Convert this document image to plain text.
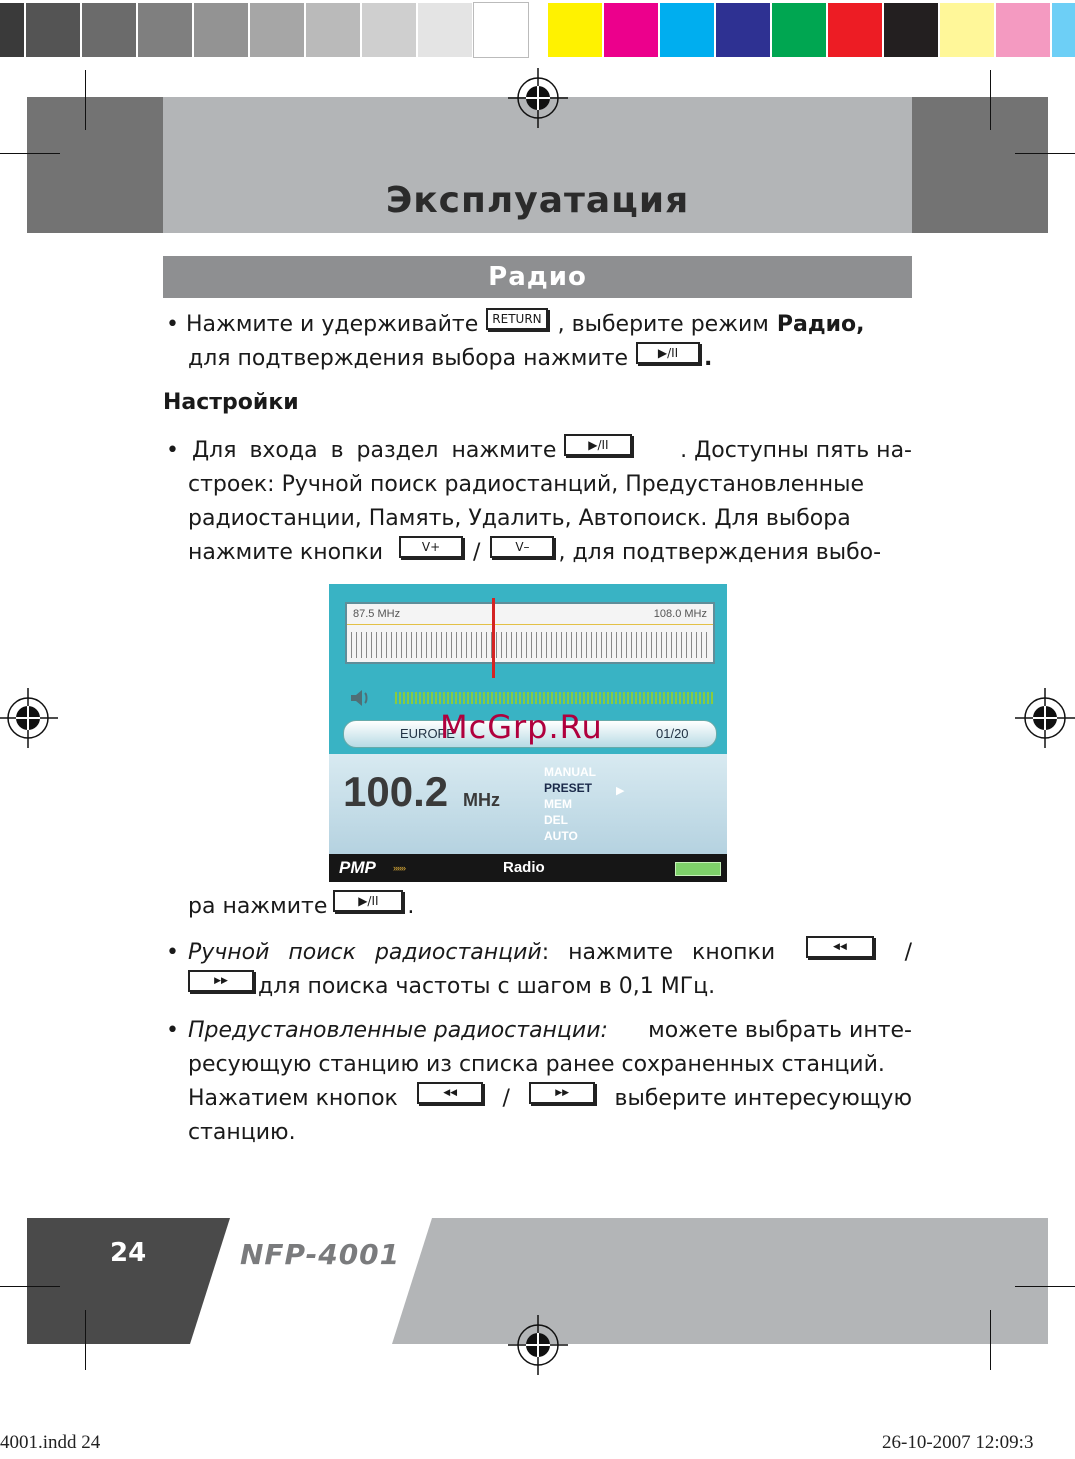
Эксплуатация
Радио
• Нажмите и удерживайте	RETURN , выберите режим Радио,
для подтверждения выбора нажмите	▶/II	.
Настройки
• Для входа в раздел нажмите	▶/II	. Доступны пять на-
строек: Ручной поиск радиостанций, Предустановленные
радиостанции, Память, Удалить, Автопоиск. Для выбора
нажмите кнопки	V+	/	V–	, для подтверждения выбо-
87.5 MHz	108.0 MHz
EUROPE	01/20
100.2 MHz
MANUAL
PRESET
MEM
DEL
AUTO
▶
PMP »»»	Radio
McGrp.Ru
ра нажмите	▶/II	.
• Ручной поиск радиостанций: нажмите кнопки	◀◀	/
▶▶	для поиска частоты с шагом в 0,1 МГц.
• Предустановленные радиостанции: можете выбрать инте-
ресующую станцию из списка ранее сохраненных станций.
Нажатием кнопок	◀◀	/	▶▶	выберите интересующую
станцию.
24	NFP-4001
4001.indd 24	26-10-2007 12:09:3
